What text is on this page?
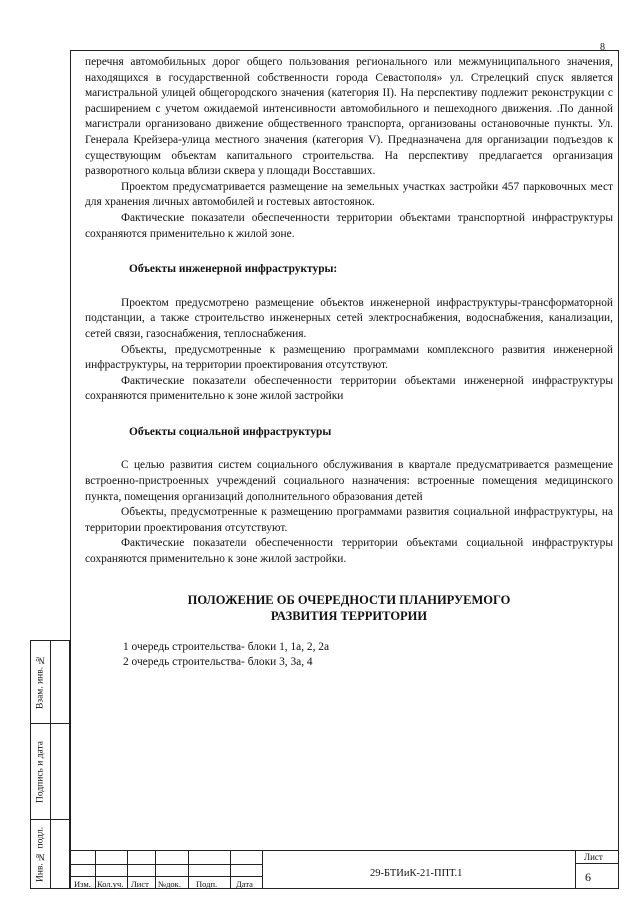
8

перечня автомобильных дорог общего пользования регионального или межмуниципального значения, находящихся в государственной собственности города Севастополя» ул. Стрелецкий спуск является магистральной улицей общегородского значения (категория II). На перспективу подлежит реконструкции с расширением с учетом ожидаемой интенсивности автомобильного и пешеходного движения. .По данной магистрали организовано движение общественного транспорта, организованы остановочные пункты. Ул. Генерала Крейзера-улица местного значения (категория V). Предназначена для организации подъездов к существующим объектам капитального строительства. На перспективу предлагается организация разворотного кольца вблизи сквера у площади Восставших.

Проектом предусматривается размещение на земельных участках застройки 457 парковочных мест для хранения личных автомобилей и гостевых автостоянок.

Фактические показатели обеспеченности территории объектами транспортной инфраструктуры сохраняются применительно к жилой зоне.

Объекты инженерной инфраструктуры:

Проектом предусмотрено размещение объектов инженерной инфраструктуры-трансформаторной подстанции, а также строительство инженерных сетей электроснабжения, водоснабжения, канализации, сетей связи, газоснабжения, теплоснабжения.

Объекты, предусмотренные к размещению программами комплексного развития инженерной инфраструктуры, на территории проектирования отсутствуют.

Фактические показатели обеспеченности территории объектами инженерной инфраструктуры сохраняются применительно к зоне жилой застройки

Объекты социальной инфраструктуры

С целью развития систем социального обслуживания в квартале предусматривается размещение встроенно-пристроенных учреждений социального назначения: встроенные помещения медицинского пункта, помещения организаций дополнительного образования детей

Объекты, предусмотренные к размещению программами развития социальной инфраструктуры, на территории проектирования отсутствуют.

Фактические показатели обеспеченности территории объектами социальной инфраструктуры сохраняются применительно к зоне жилой застройки.

ПОЛОЖЕНИЕ ОБ ОЧЕРЕДНОСТИ ПЛАНИРУЕМОГО
РАЗВИТИЯ ТЕРРИТОРИИ

1 очередь строительства- блоки 1, 1а, 2, 2а

2 очередь строительства- блоки 3, 3а, 4

Взам. инв. №
Подпись и дата
Инв. № подл.
Изм. Кол.уч. Лист №док. Подп. Дата
29-БТИиК-21-ППТ.1
Лист
6
